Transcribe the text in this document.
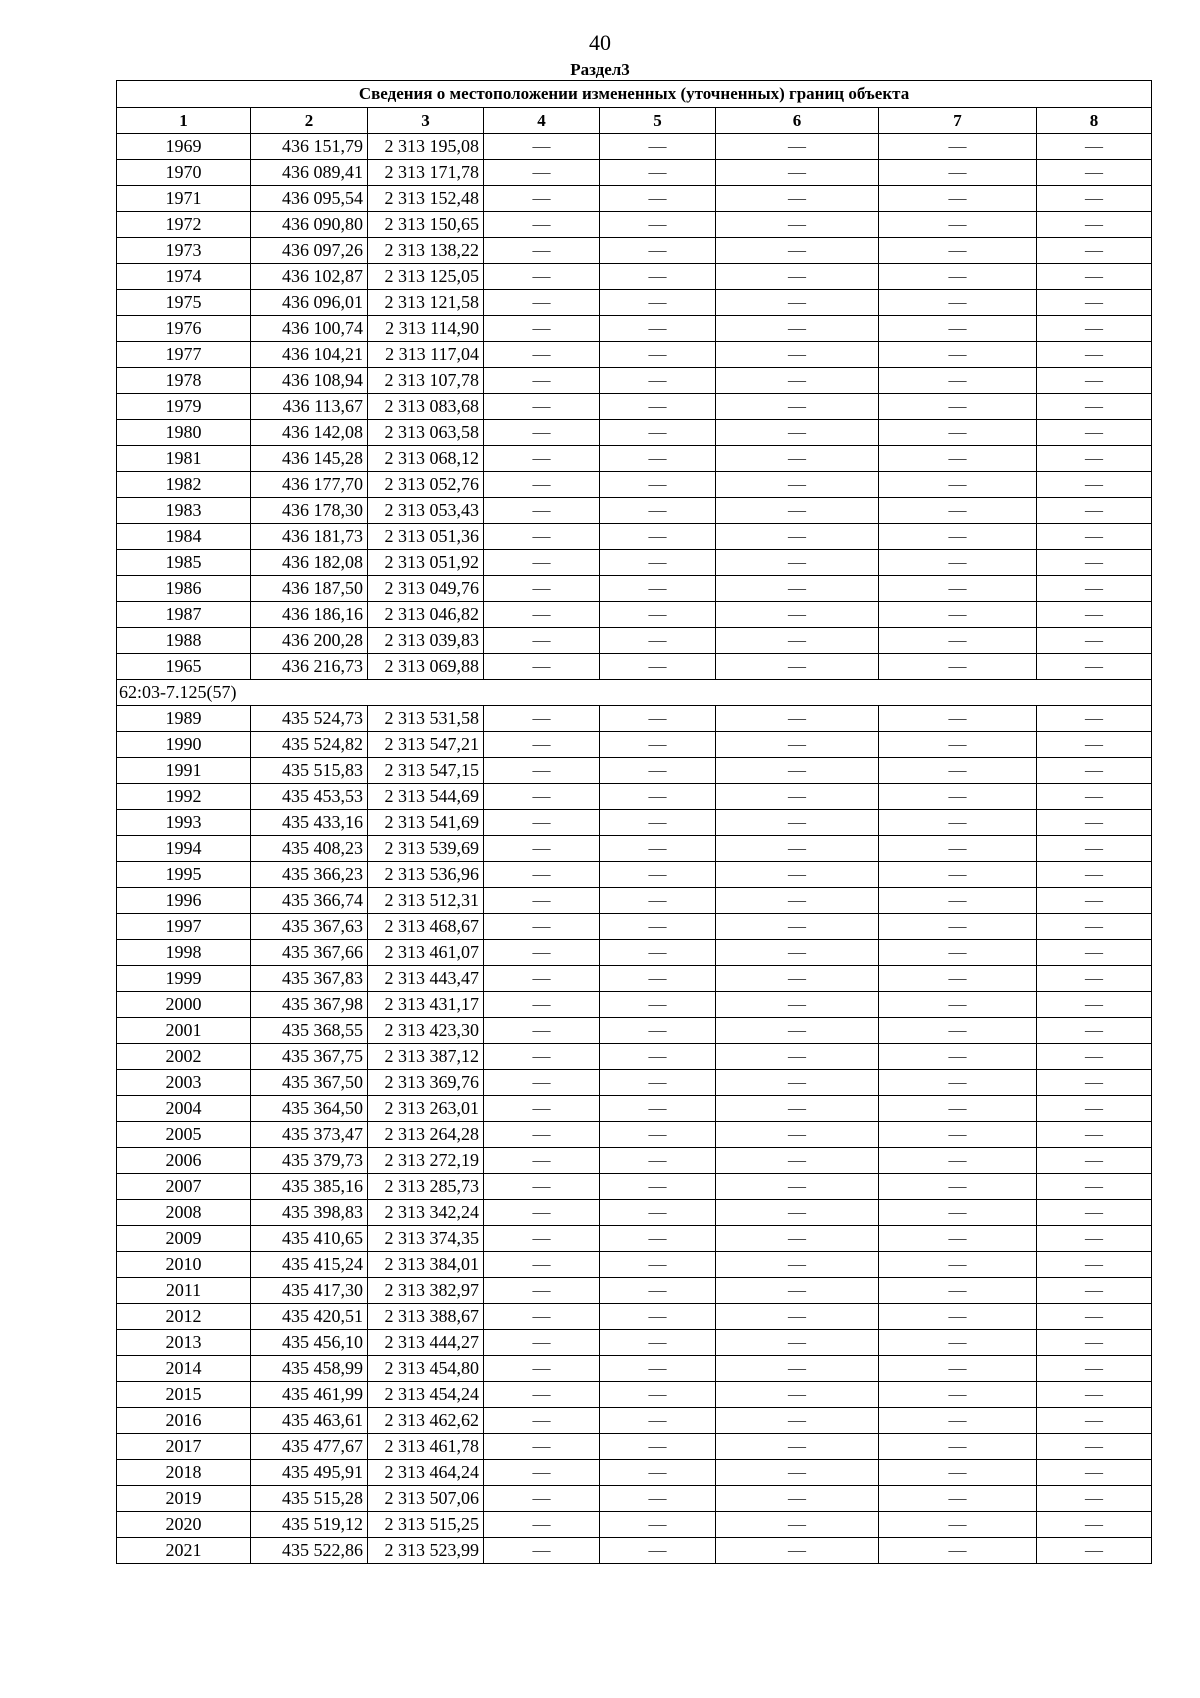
40
Раздел3
Сведения о местоположении измененных (уточненных) границ объекта							
1	2	3	4	5	6	7	8
1969	436 151,79	2 313 195,08	—	—	—	—	—
1970	436 089,41	2 313 171,78	—	—	—	—	—
1971	436 095,54	2 313 152,48	—	—	—	—	—
1972	436 090,80	2 313 150,65	—	—	—	—	—
1973	436 097,26	2 313 138,22	—	—	—	—	—
1974	436 102,87	2 313 125,05	—	—	—	—	—
1975	436 096,01	2 313 121,58	—	—	—	—	—
1976	436 100,74	2 313 114,90	—	—	—	—	—
1977	436 104,21	2 313 117,04	—	—	—	—	—
1978	436 108,94	2 313 107,78	—	—	—	—	—
1979	436 113,67	2 313 083,68	—	—	—	—	—
1980	436 142,08	2 313 063,58	—	—	—	—	—
1981	436 145,28	2 313 068,12	—	—	—	—	—
1982	436 177,70	2 313 052,76	—	—	—	—	—
1983	436 178,30	2 313 053,43	—	—	—	—	—
1984	436 181,73	2 313 051,36	—	—	—	—	—
1985	436 182,08	2 313 051,92	—	—	—	—	—
1986	436 187,50	2 313 049,76	—	—	—	—	—
1987	436 186,16	2 313 046,82	—	—	—	—	—
1988	436 200,28	2 313 039,83	—	—	—	—	—
1965	436 216,73	2 313 069,88	—	—	—	—	—
62:03-7.125(57)							
1989	435 524,73	2 313 531,58	—	—	—	—	—
1990	435 524,82	2 313 547,21	—	—	—	—	—
1991	435 515,83	2 313 547,15	—	—	—	—	—
1992	435 453,53	2 313 544,69	—	—	—	—	—
1993	435 433,16	2 313 541,69	—	—	—	—	—
1994	435 408,23	2 313 539,69	—	—	—	—	—
1995	435 366,23	2 313 536,96	—	—	—	—	—
1996	435 366,74	2 313 512,31	—	—	—	—	—
1997	435 367,63	2 313 468,67	—	—	—	—	—
1998	435 367,66	2 313 461,07	—	—	—	—	—
1999	435 367,83	2 313 443,47	—	—	—	—	—
2000	435 367,98	2 313 431,17	—	—	—	—	—
2001	435 368,55	2 313 423,30	—	—	—	—	—
2002	435 367,75	2 313 387,12	—	—	—	—	—
2003	435 367,50	2 313 369,76	—	—	—	—	—
2004	435 364,50	2 313 263,01	—	—	—	—	—
2005	435 373,47	2 313 264,28	—	—	—	—	—
2006	435 379,73	2 313 272,19	—	—	—	—	—
2007	435 385,16	2 313 285,73	—	—	—	—	—
2008	435 398,83	2 313 342,24	—	—	—	—	—
2009	435 410,65	2 313 374,35	—	—	—	—	—
2010	435 415,24	2 313 384,01	—	—	—	—	—
2011	435 417,30	2 313 382,97	—	—	—	—	—
2012	435 420,51	2 313 388,67	—	—	—	—	—
2013	435 456,10	2 313 444,27	—	—	—	—	—
2014	435 458,99	2 313 454,80	—	—	—	—	—
2015	435 461,99	2 313 454,24	—	—	—	—	—
2016	435 463,61	2 313 462,62	—	—	—	—	—
2017	435 477,67	2 313 461,78	—	—	—	—	—
2018	435 495,91	2 313 464,24	—	—	—	—	—
2019	435 515,28	2 313 507,06	—	—	—	—	—
2020	435 519,12	2 313 515,25	—	—	—	—	—
2021	435 522,86	2 313 523,99	—	—	—	—	—
